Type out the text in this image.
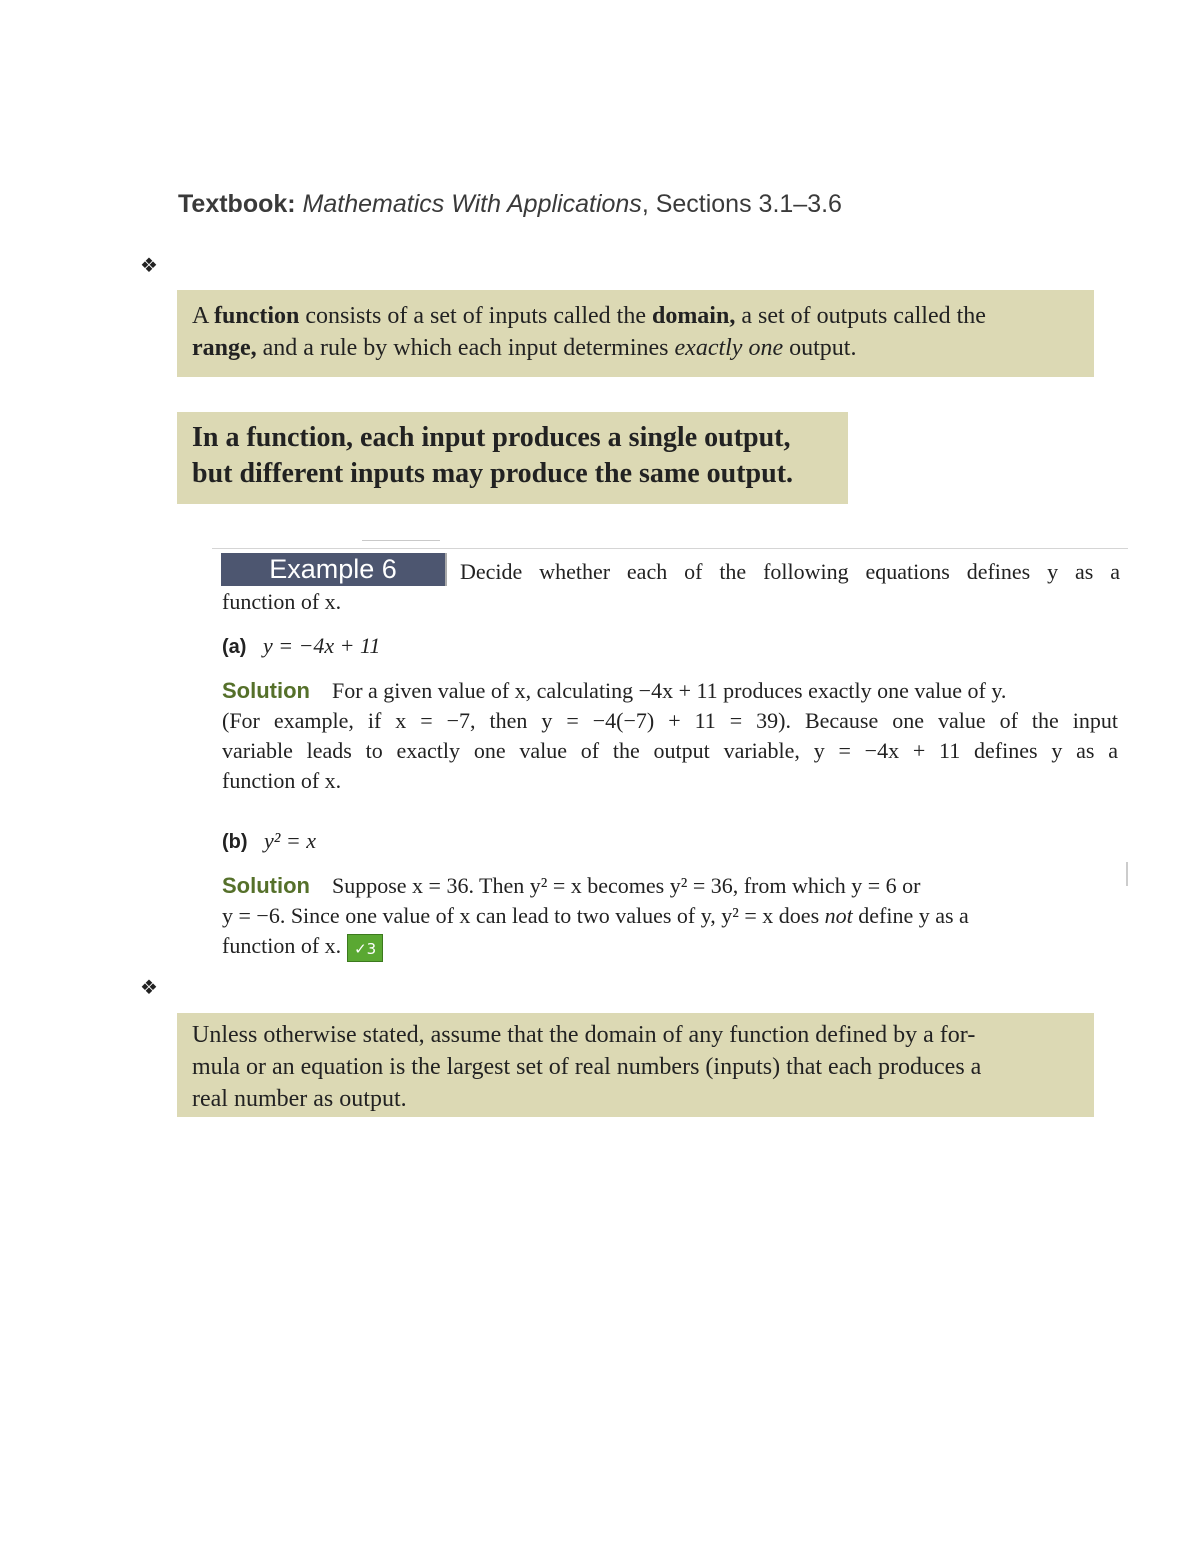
Textbook: Mathematics With Applications, Sections 3.1–3.6
❖
A function consists of a set of inputs called the domain, a set of outputs called the
range, and a rule by which each input determines exactly one output.
In a function, each input produces a single output,
but different inputs may produce the same output.
Example 6	Decide whether each of the following equations defines y as a
function of x.
(a) y = −4x + 11
Solution For a given value of x, calculating −4x + 11 produces exactly one value of y.
(For example, if x = −7, then y = −4(−7) + 11 = 39). Because one value of the input
variable leads to exactly one value of the output variable, y = −4x + 11 defines y as a
function of x.
(b) y² = x
Solution Suppose x = 36. Then y² = x becomes y² = 36, from which y = 6 or
y = −6. Since one value of x can lead to two values of y, y² = x does not define y as a
function of x. ✓3
❖
Unless otherwise stated, assume that the domain of any function defined by a for-
mula or an equation is the largest set of real numbers (inputs) that each produces a
real number as output.
